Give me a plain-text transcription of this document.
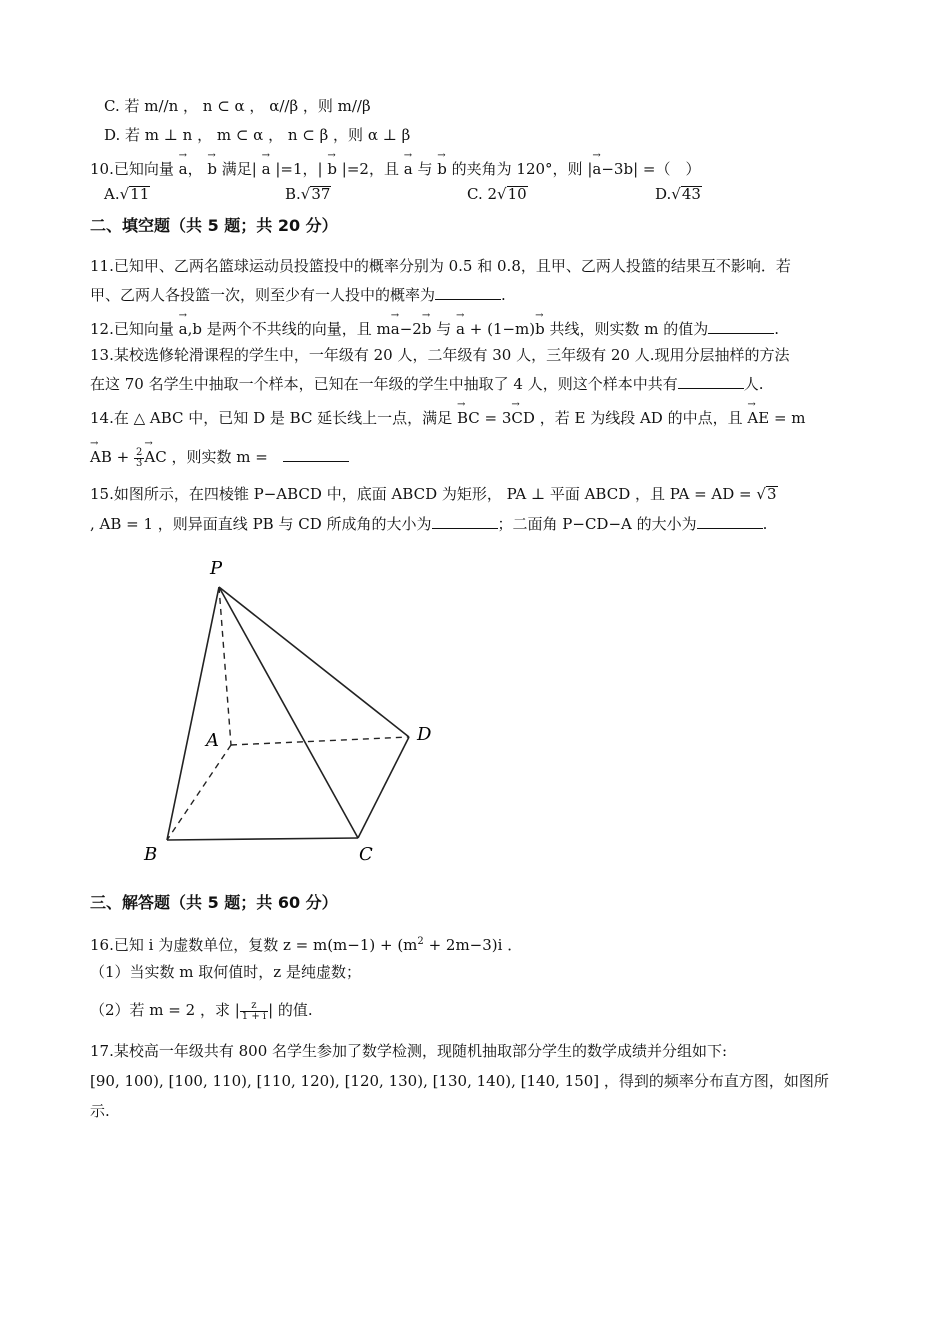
C. 若 m//n ， n ⊂ α ， α//β ，则 m//β
D. 若 m ⊥ n ， m ⊂ α ， n ⊂ β ，则 α ⊥ β
10.已知向量 → a， → b 满足| → a |=1，| → b |=2，且 → a 与 → b 的夹角为 120°，则 |→ a−3b| =（　）
A.√11	B.√37	C. 2√10	D.√43
二、填空题（共 5 题；共 20 分）
11.已知甲、乙两名篮球运动员投篮投中的概率分别为 0.5 和 0.8，且甲、乙两人投篮的结果互不影响．若
甲、乙两人各投篮一次，则至少有一人投中的概率为	.
12.已知向量 → a,b 是两个不共线的向量，且 m→ a−2→ b 与 → a + (1−m)→ b 共线，则实数 m 的值为	.
13.某校选修轮滑课程的学生中，一年级有 20 人，二年级有 30 人，三年级有 20 人.现用分层抽样的方法
在这 70 名学生中抽取一个样本，已知在一年级的学生中抽取了 4 人，则这个样本中共有	人.
14.在 △ ABC 中，已知 D 是 BC 延长线上一点，满足 → BC = 3→ CD ，若 E 为线段 AD 的中点，且 → AE = m
→ AB + $\frac{2}{3}$ → AC ，则实数 m =
15.如图所示，在四棱锥 P−ABCD 中，底面 ABCD 为矩形， PA ⊥ 平面 ABCD ，且 PA = AD = √3
, AB = 1 ，则异面直线 PB 与 CD 所成角的大小为	；二面角 P−CD−A 的大小为	.
P
A
B	C
D
三、解答题（共 5 题；共 60 分）
16.已知 i 为虚数单位，复数 $z = m(m-1) + (m^2 + 2m-3)i$ ．
（1）当实数 m 取何值时，z 是纯虚数；
（2）若 m = 2 ，求 | $\frac{z}{1 + i}$ | 的值.
17.某校高一年级共有 800 名学生参加了数学检测，现随机抽取部分学生的数学成绩并分组如下:
[90, 100), [100, 110), [110, 120), [120, 130), [130, 140), [140, 150] ，得到的频率分布直方图，如图所
示.
